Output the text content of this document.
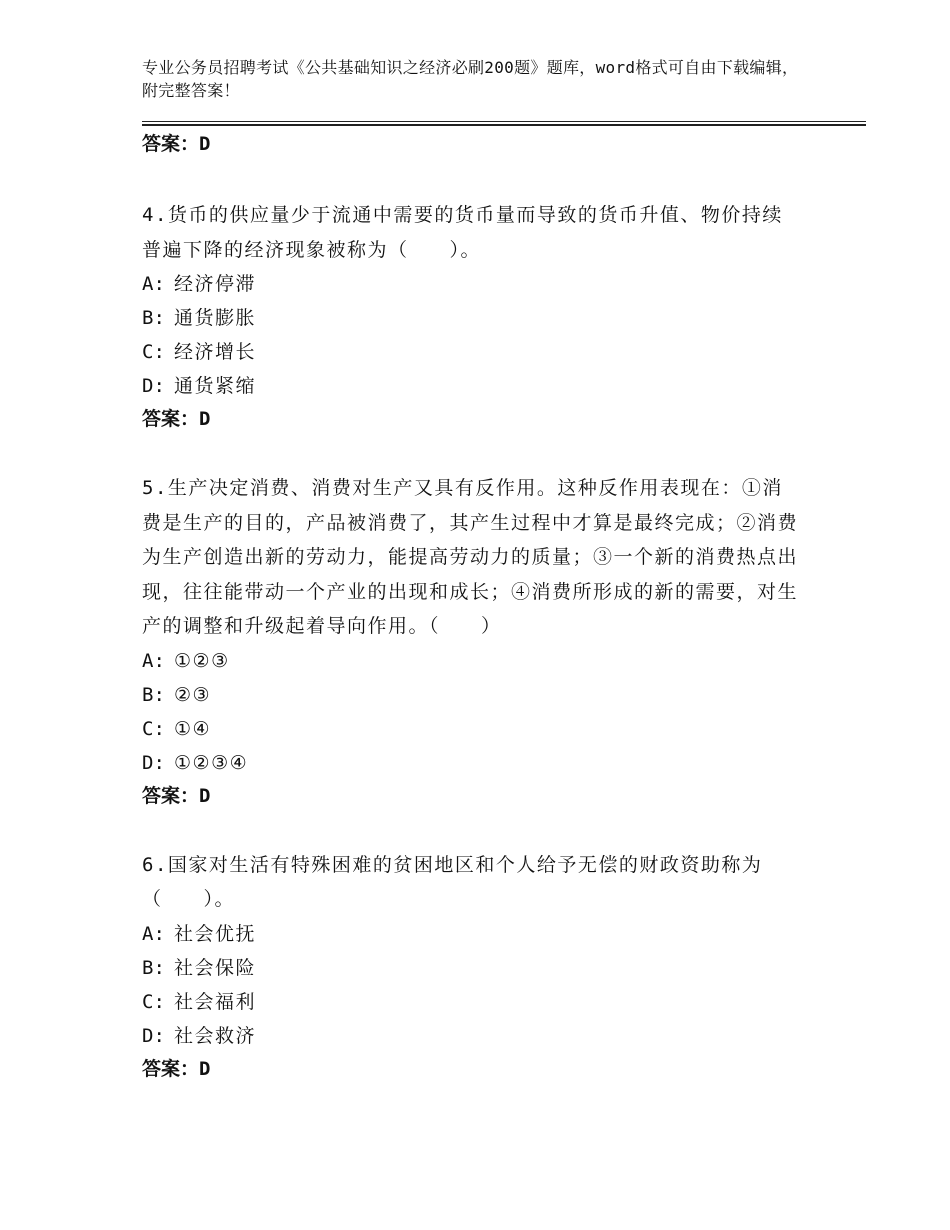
专业公务员招聘考试《公共基础知识之经济必刷200题》题库，word格式可自由下载编辑，附完整答案！
答案：D
4.货币的供应量少于流通中需要的货币量而导致的货币升值、物价持续普遍下降的经济现象被称为（　　）。
A: 经济停滞
B: 通货膨胀
C: 经济增长
D: 通货紧缩
答案：D
5.生产决定消费、消费对生产又具有反作用。这种反作用表现在：①消费是生产的目的，产品被消费了，其产生过程中才算是最终完成；②消费为生产创造出新的劳动力，能提高劳动力的质量；③一个新的消费热点出现，往往能带动一个产业的出现和成长；④消费所形成的新的需要，对生产的调整和升级起着导向作用。（　　）
A: ①②③
B: ②③
C: ①④
D: ①②③④
答案：D
6.国家对生活有特殊困难的贫困地区和个人给予无偿的财政资助称为（　　）。
A: 社会优抚
B: 社会保险
C: 社会福利
D: 社会救济
答案：D
